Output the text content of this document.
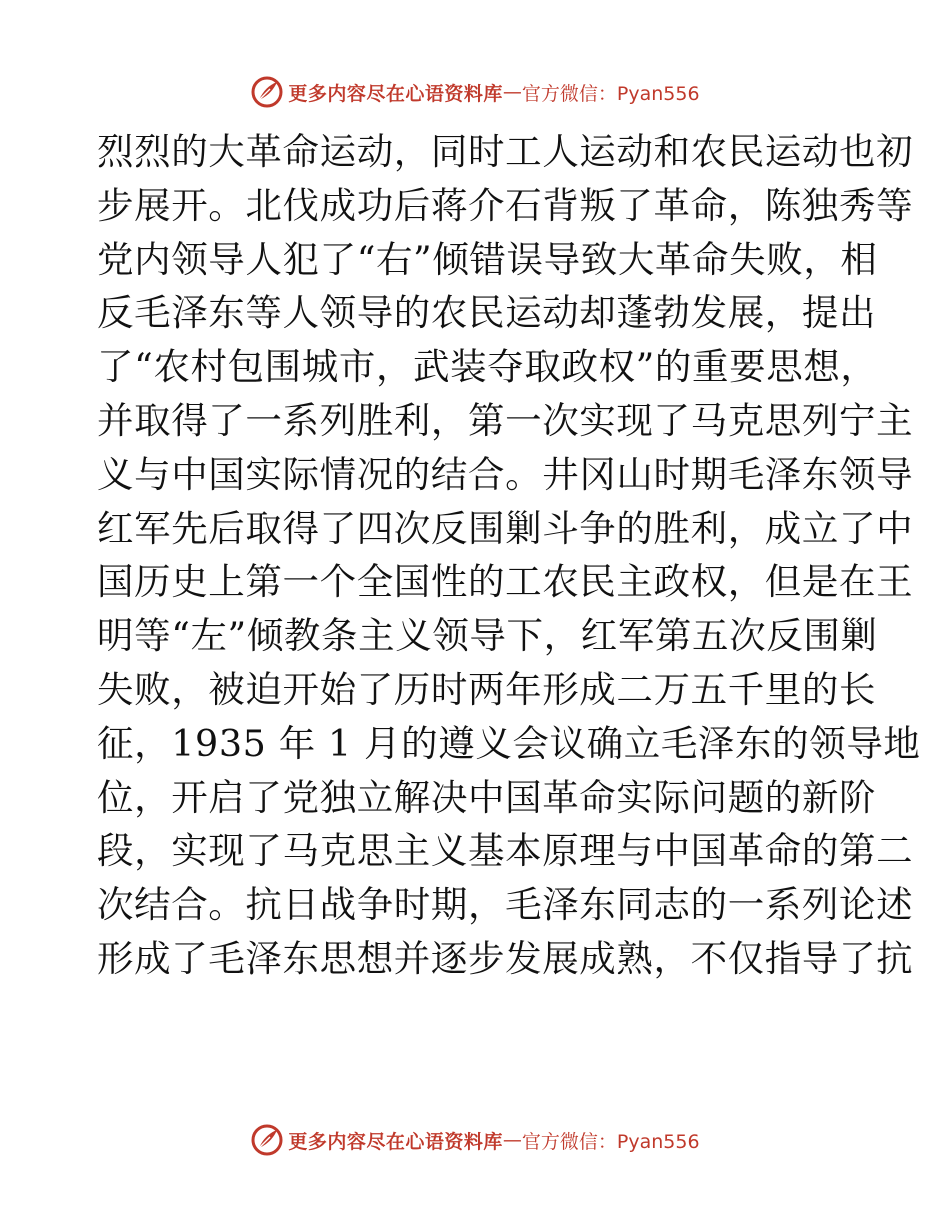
更多内容尽在心语资料库 — 官方微信：Pyan556
烈烈的大革命运动，同时工人运动和农民运动也初
步展开。北伐成功后蒋介石背叛了革命，陈独秀等
党内领导人犯了“右”倾错误导致大革命失败，相
反毛泽东等人领导的农民运动却蓬勃发展，提出
了“农村包围城市，武装夺取政权”的重要思想，
并取得了一系列胜利，第一次实现了马克思列宁主
义与中国实际情况的结合。井冈山时期毛泽东领导
红军先后取得了四次反围剿斗争的胜利，成立了中
国历史上第一个全国性的工农民主政权，但是在王
明等“左”倾教条主义领导下，红军第五次反围剿
失败，被迫开始了历时两年形成二万五千里的长
征，1935 年 1 月的遵义会议确立毛泽东的领导地
位，开启了党独立解决中国革命实际问题的新阶
段，实现了马克思主义基本原理与中国革命的第二
次结合。抗日战争时期，毛泽东同志的一系列论述
形成了毛泽东思想并逐步发展成熟，不仅指导了抗
更多内容尽在心语资料库 — 官方微信：Pyan556
